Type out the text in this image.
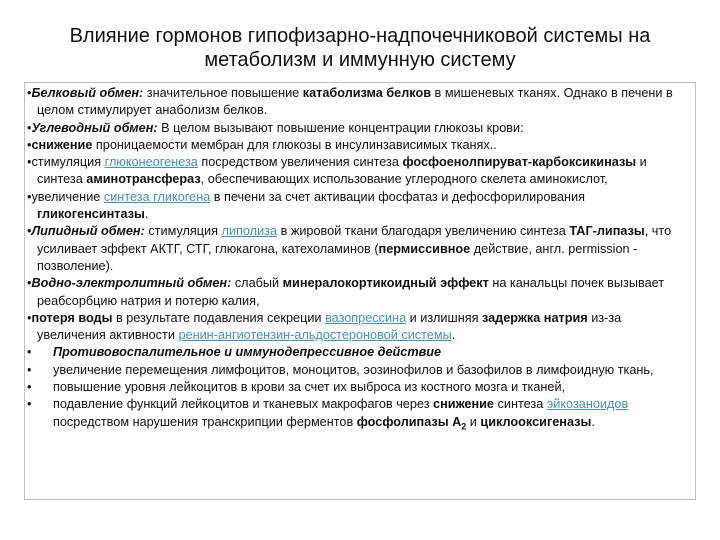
Влияние гормонов гипофизарно-надпочечниковой системы на
метаболизм и иммунную систему

•Белковый обмен: значительное повышение катаболизма белков в мишеневых тканях. Однако в печени в целом стимулирует анаболизм белков.

•Углеводный обмен: В целом вызывают повышение концентрации глюкозы крови:

•снижение проницаемости мембран для глюкозы в инсулинзависимых тканях..

•стимуляция глюконеогенеза посредством увеличения синтеза фосфоенолпируват-карбоксикиназы и синтеза аминотрансфераз, обеспечивающих использование углеродного скелета аминокислот,

•увеличение синтеза гликогена в печени за счет активации фосфатаз и дефосфорилирования гликогенсинтазы.

•Липидный обмен: стимуляция липолиза в жировой ткани благодаря увеличению синтеза ТАГ-липазы, что усиливает эффект АКТГ, СТГ, глюкагона, катехоламинов (пермиссивное действие, англ. permission - позволение).

•Водно-электролитный обмен: слабый минералокортикоидный эффект на канальцы почек вызывает реабсорбцию натрия и потерю калия,

•потеря воды в результате подавления секреции вазопрессина и излишняя задержка натрия из-за увеличения активности ренин-ангиотензин-альдостероновой системы.

• Противовоспалительное и иммунодепрессивное действие

• увеличение перемещения лимфоцитов, моноцитов, эозинофилов и базофилов в лимфоидную ткань,

• повышение уровня лейкоцитов в крови за счет их выброса из костного мозга и тканей,

• подавление функций лейкоцитов и тканевых макрофагов через снижение синтеза эйкозаноидов посредством нарушения транскрипции ферментов фосфолипазы $А_2$ и циклооксигеназы.
